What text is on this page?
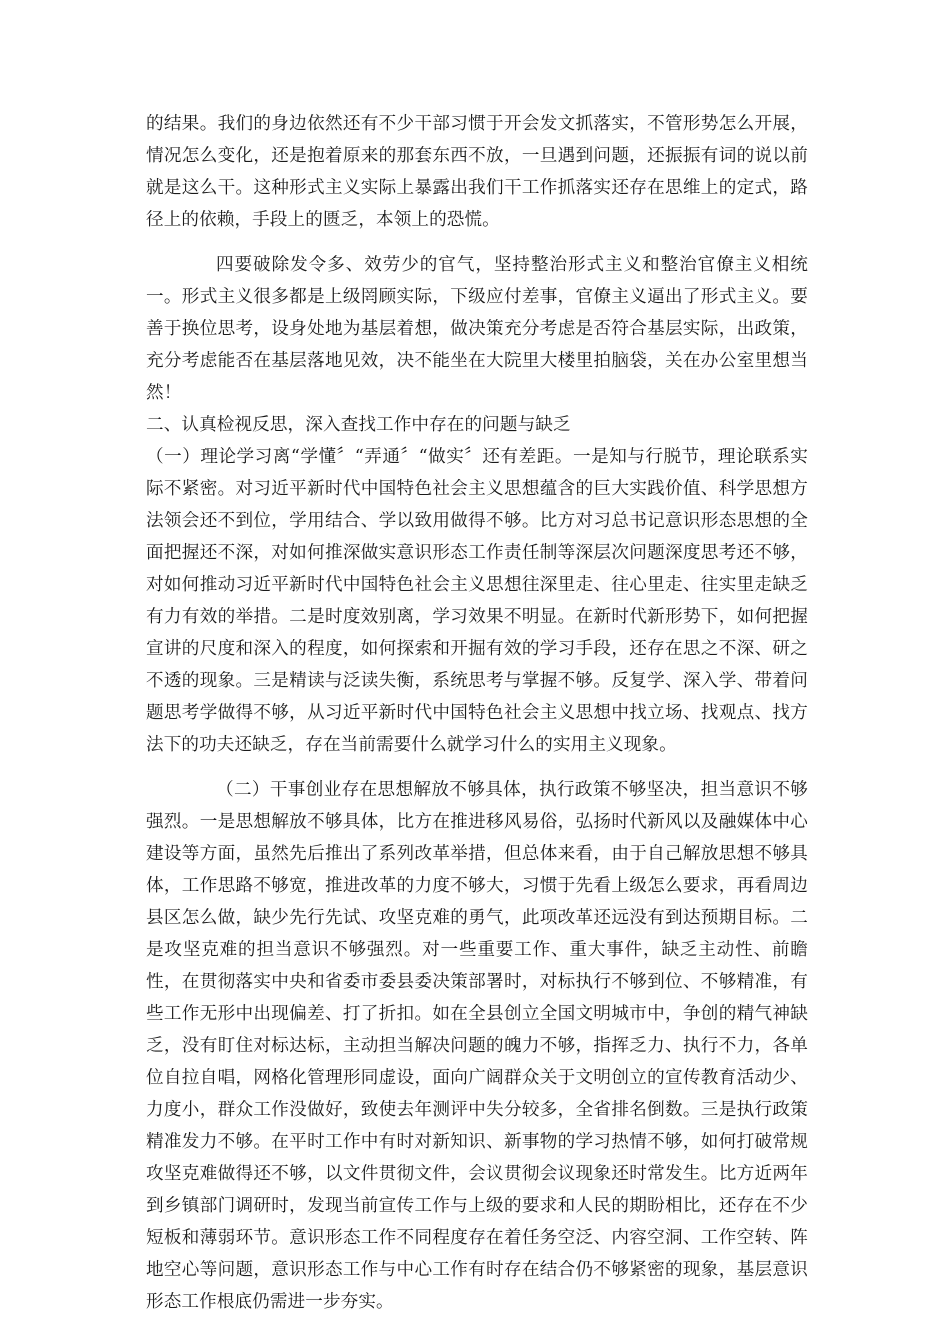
的结果。我们的身边依然还有不少干部习惯于开会发文抓落实，不管形势怎么开展，情况怎么变化，还是抱着原来的那套东西不放，一旦遇到问题，还振振有词的说以前就是这么干。这种形式主义实际上暴露出我们干工作抓落实还存在思维上的定式，路径上的依赖，手段上的匮乏，本领上的恐慌。

四要破除发令多、效劳少的官气，坚持整治形式主义和整治官僚主义相统一。形式主义很多都是上级罔顾实际，下级应付差事，官僚主义逼出了形式主义。要善于换位思考，设身处地为基层着想，做决策充分考虑是否符合基层实际，出政策，充分考虑能否在基层落地见效，决不能坐在大院里大楼里拍脑袋，关在办公室里想当然！

二、认真检视反思，深入查找工作中存在的问题与缺乏

（一）理论学习离“学懂〞“弄通〞“做实〞还有差距。一是知与行脱节，理论联系实际不紧密。对习近平新时代中国特色社会主义思想蕴含的巨大实践价值、科学思想方法领会还不到位，学用结合、学以致用做得不够。比方对习总书记意识形态思想的全面把握还不深，对如何推深做实意识形态工作责任制等深层次问题深度思考还不够，对如何推动习近平新时代中国特色社会主义思想往深里走、往心里走、往实里走缺乏有力有效的举措。二是时度效别离，学习效果不明显。在新时代新形势下，如何把握宣讲的尺度和深入的程度，如何探索和开掘有效的学习手段，还存在思之不深、研之不透的现象。三是精读与泛读失衡，系统思考与掌握不够。反复学、深入学、带着问题思考学做得不够，从习近平新时代中国特色社会主义思想中找立场、找观点、找方法下的功夫还缺乏，存在当前需要什么就学习什么的实用主义现象。

（二）干事创业存在思想解放不够具体，执行政策不够坚决，担当意识不够强烈。一是思想解放不够具体，比方在推进移风易俗，弘扬时代新风以及融媒体中心建设等方面，虽然先后推出了系列改革举措，但总体来看，由于自己解放思想不够具体，工作思路不够宽，推进改革的力度不够大，习惯于先看上级怎么要求，再看周边县区怎么做，缺少先行先试、攻坚克难的勇气，此项改革还远没有到达预期目标。二是攻坚克难的担当意识不够强烈。对一些重要工作、重大事件，缺乏主动性、前瞻性，在贯彻落实中央和省委市委县委决策部署时，对标执行不够到位、不够精准，有些工作无形中出现偏差、打了折扣。如在全县创立全国文明城市中，争创的精气神缺乏，没有盯住对标达标，主动担当解决问题的魄力不够，指挥乏力、执行不力，各单位自拉自唱，网格化管理形同虚设，面向广阔群众关于文明创立的宣传教育活动少、力度小，群众工作没做好，致使去年测评中失分较多，全省排名倒数。三是执行政策精准发力不够。在平时工作中有时对新知识、新事物的学习热情不够，如何打破常规攻坚克难做得还不够，以文件贯彻文件，会议贯彻会议现象还时常发生。比方近两年到乡镇部门调研时，发现当前宣传工作与上级的要求和人民的期盼相比，还存在不少短板和薄弱环节。意识形态工作不同程度存在着任务空泛、内容空洞、工作空转、阵地空心等问题，意识形态工作与中心工作有时存在结合仍不够紧密的现象，基层意识形态工作根底仍需进一步夯实。
